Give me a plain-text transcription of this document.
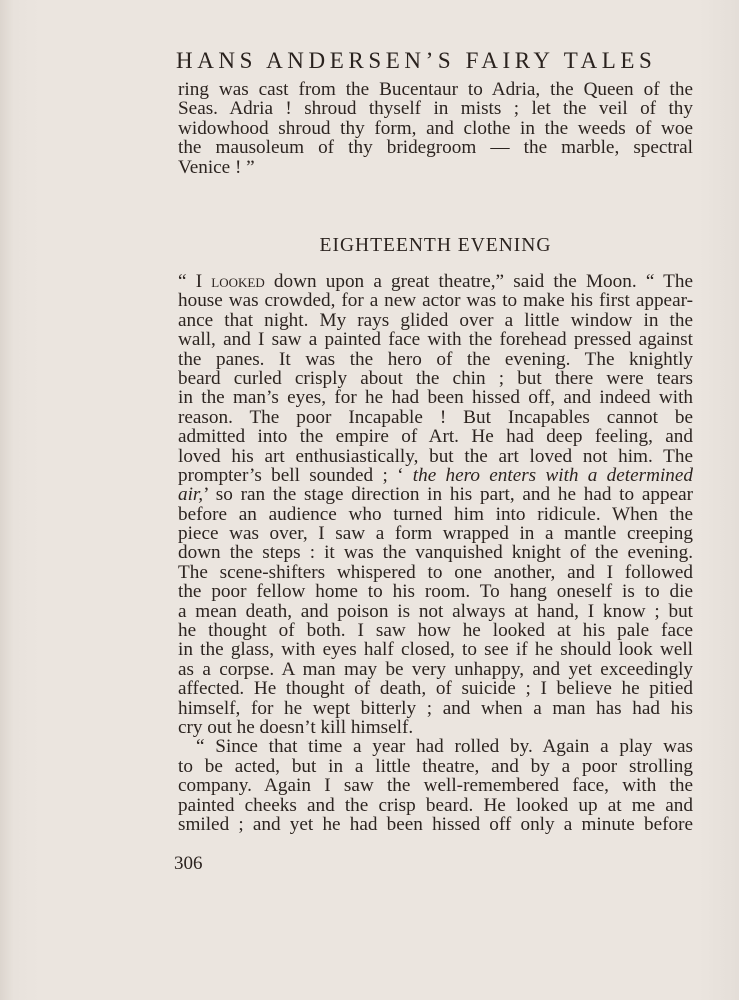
HANS ANDERSEN’S FAIRY TALES
ring was cast from the Bucentaur to Adria, the Queen of the
Seas. Adria ! shroud thyself in mists ; let the veil of thy
widowhood shroud thy form, and clothe in the weeds of woe
the mausoleum of thy bridegroom — the marble, spectral
Venice ! ”
EIGHTEENTH EVENING
“ I looked down upon a great theatre,” said the Moon. “ The
house was crowded, for a new actor was to make his first appear-
ance that night. My rays glided over a little window in the
wall, and I saw a painted face with the forehead pressed against
the panes. It was the hero of the evening. The knightly
beard curled crisply about the chin ; but there were tears
in the man’s eyes, for he had been hissed off, and indeed with
reason. The poor Incapable ! But Incapables cannot be
admitted into the empire of Art. He had deep feeling, and
loved his art enthusiastically, but the art loved not him. The
prompter’s bell sounded ; ‘ the hero enters with a determined
air,’ so ran the stage direction in his part, and he had to appear
before an audience who turned him into ridicule. When the
piece was over, I saw a form wrapped in a mantle creeping
down the steps : it was the vanquished knight of the evening.
The scene-shifters whispered to one another, and I followed
the poor fellow home to his room. To hang oneself is to die
a mean death, and poison is not always at hand, I know ; but
he thought of both. I saw how he looked at his pale face
in the glass, with eyes half closed, to see if he should look well
as a corpse. A man may be very unhappy, and yet exceedingly
affected. He thought of death, of suicide ; I believe he pitied
himself, for he wept bitterly ; and when a man has had his
cry out he doesn’t kill himself.
“ Since that time a year had rolled by. Again a play was
to be acted, but in a little theatre, and by a poor strolling
company. Again I saw the well-remembered face, with the
painted cheeks and the crisp beard. He looked up at me and
smiled ; and yet he had been hissed off only a minute before
306
